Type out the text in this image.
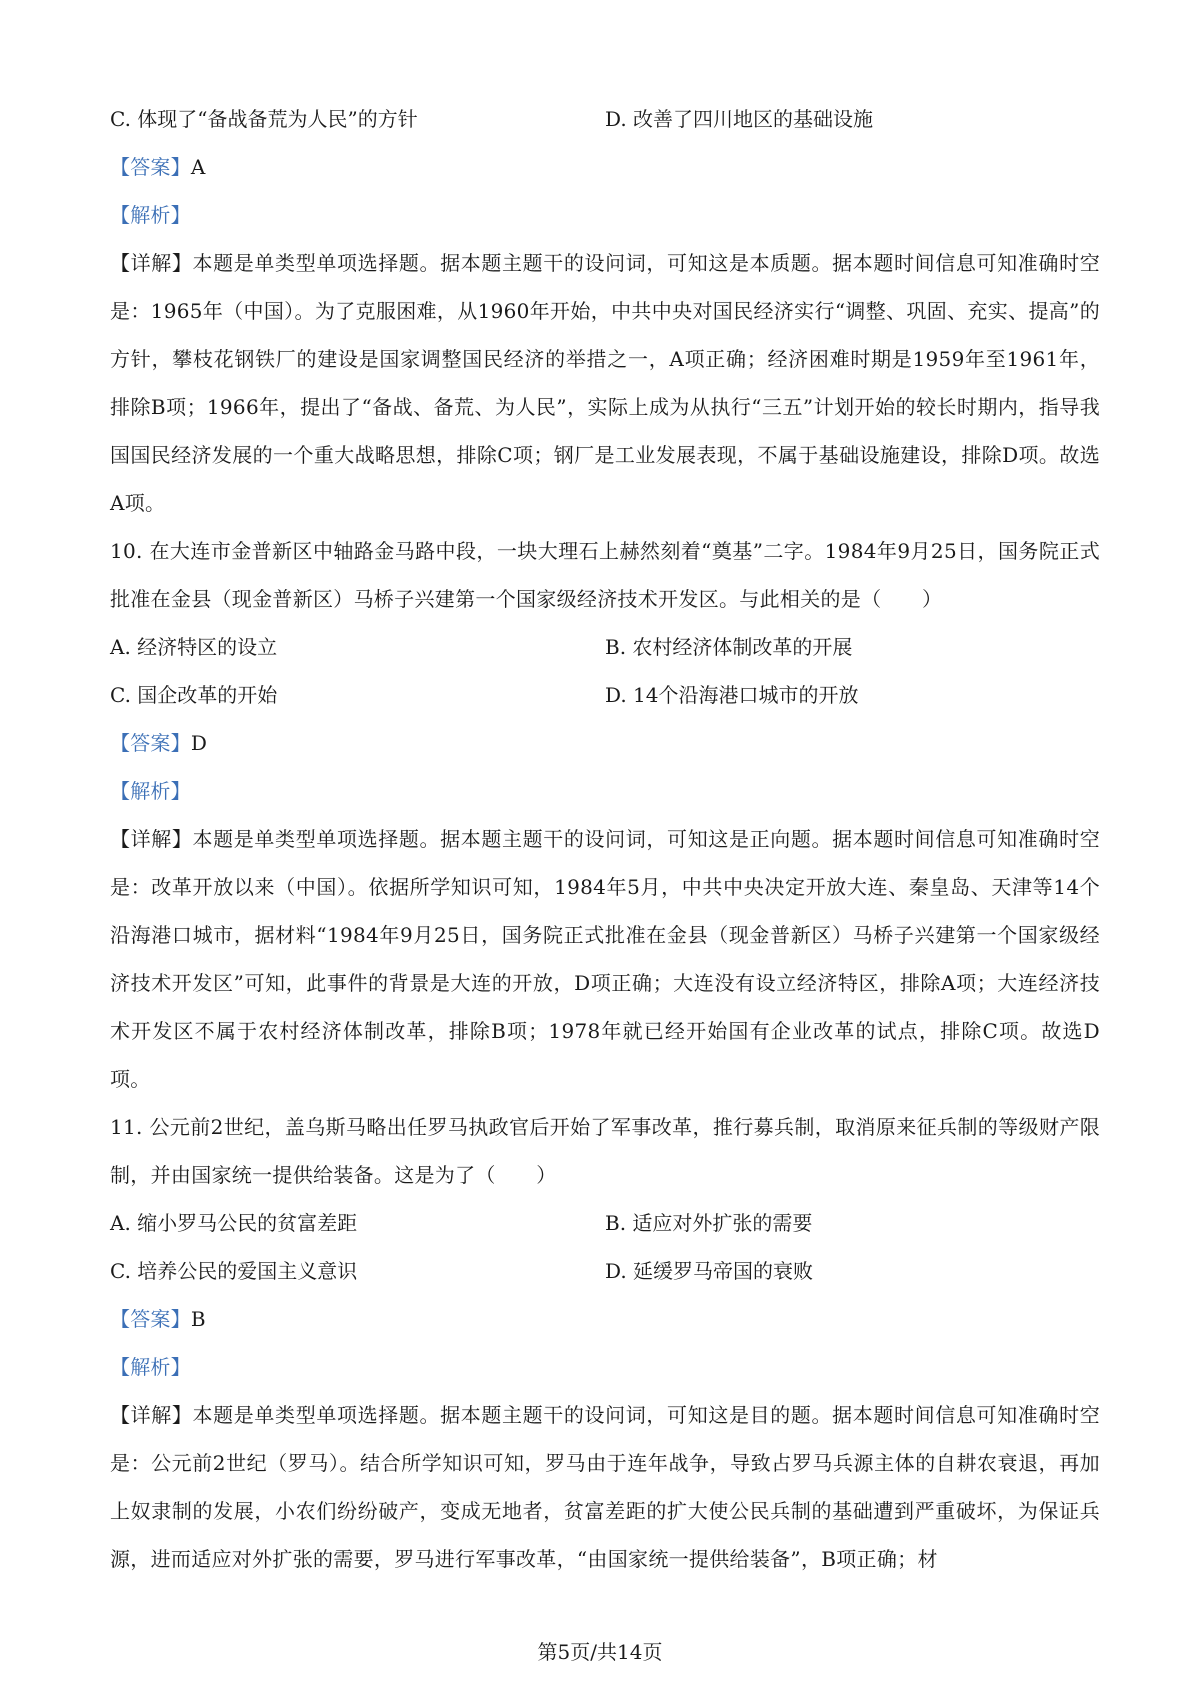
C. 体现了“备战备荒为人民”的方针	D. 改善了四川地区的基础设施
【答案】A
【解析】
【详解】本题是单类型单项选择题。据本题主题干的设问词，可知这是本质题。据本题时间信息可知准确时空是：1965年（中国）。为了克服困难，从1960年开始，中共中央对国民经济实行“调整、巩固、充实、提高”的方针，攀枝花钢铁厂的建设是国家调整国民经济的举措之一，A项正确；经济困难时期是1959年至1961年，排除B项；1966年，提出了“备战、备荒、为人民”，实际上成为从执行“三五”计划开始的较长时期内，指导我国国民经济发展的一个重大战略思想，排除C项；钢厂是工业发展表现，不属于基础设施建设，排除D项。故选A项。
10. 在大连市金普新区中轴路金马路中段，一块大理石上赫然刻着“奠基”二字。1984年9月25日，国务院正式批准在金县（现金普新区）马桥子兴建第一个国家级经济技术开发区。与此相关的是（　　）
A. 经济特区的设立	B. 农村经济体制改革的开展
C. 国企改革的开始	D. 14个沿海港口城市的开放
【答案】D
【解析】
【详解】本题是单类型单项选择题。据本题主题干的设问词，可知这是正向题。据本题时间信息可知准确时空是：改革开放以来（中国）。依据所学知识可知，1984年5月，中共中央决定开放大连、秦皇岛、天津等14个沿海港口城市，据材料“1984年9月25日，国务院正式批准在金县（现金普新区）马桥子兴建第一个国家级经济技术开发区”可知，此事件的背景是大连的开放，D项正确；大连没有设立经济特区，排除A项；大连经济技术开发区不属于农村经济体制改革，排除B项；1978年就已经开始国有企业改革的试点，排除C项。故选D项。
11. 公元前2世纪，盖乌斯马略出任罗马执政官后开始了军事改革，推行募兵制，取消原来征兵制的等级财产限制，并由国家统一提供给装备。这是为了（　　）
A. 缩小罗马公民的贫富差距	B. 适应对外扩张的需要
C. 培养公民的爱国主义意识	D. 延缓罗马帝国的衰败
【答案】B
【解析】
【详解】本题是单类型单项选择题。据本题主题干的设问词，可知这是目的题。据本题时间信息可知准确时空是：公元前2世纪（罗马）。结合所学知识可知，罗马由于连年战争，导致占罗马兵源主体的自耕农衰退，再加上奴隶制的发展，小农们纷纷破产，变成无地者，贫富差距的扩大使公民兵制的基础遭到严重破坏，为保证兵源，进而适应对外扩张的需要，罗马进行军事改革，“由国家统一提供给装备”，B项正确；材
第5页/共14页
